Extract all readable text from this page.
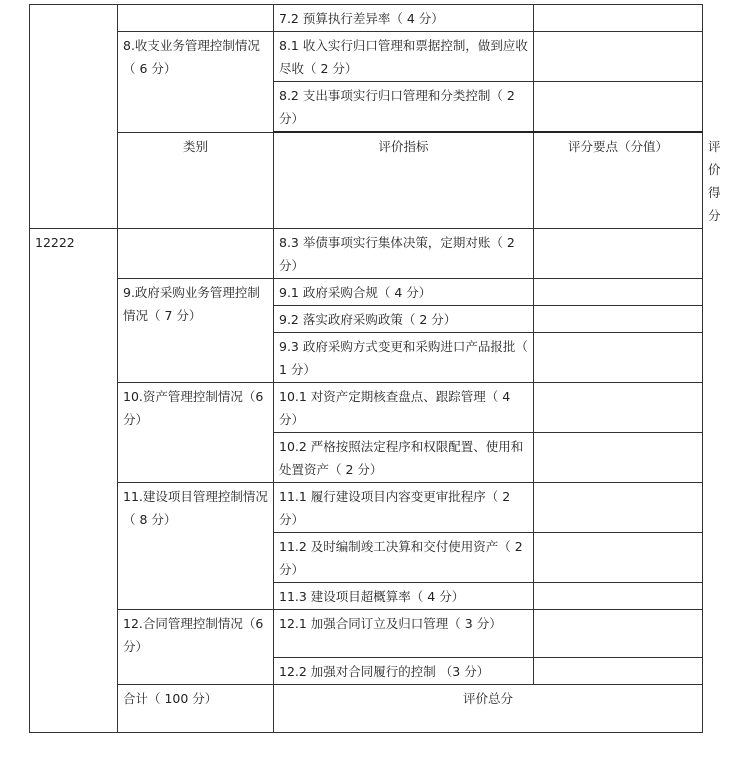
		7.2 预算执行差异率（ 4 分）		
	8.收支业务管理控制情况（ 6 分）	8.1 收入实行归口管理和票据控制，做到应收尽收（ 2 分）		
		8.2 支出事项实行归口管理和分类控制（ 2 分）		
	类别	评价指标	评分要点（分值）	评价得分
12222		8.3 举债事项实行集体决策，定期对账（ 2 分）		
	9.政府采购业务管理控制情况（ 7 分）	9.1 政府采购合规（ 4 分）		
		9.2 落实政府采购政策（ 2 分）		
		9.3 政府采购方式变更和采购进口产品报批（ 1 分）		
	10.资产管理控制情况（6 分）	10.1 对资产定期核查盘点、跟踪管理（ 4 分）		
		10.2 严格按照法定程序和权限配置、使用和处置资产（ 2 分）		
	11.建设项目管理控制情况（ 8 分）	11.1 履行建设项目内容变更审批程序（ 2 分）		
		11.2 及时编制竣工决算和交付使用资产（ 2 分）		
		11.3 建设项目超概算率（ 4 分）		
	12.合同管理控制情况（6 分）	12.1 加强合同订立及归口管理（ 3 分）		
		12.2 加强对合同履行的控制 （3 分）		
	合计（ 100 分）	评价总分		
